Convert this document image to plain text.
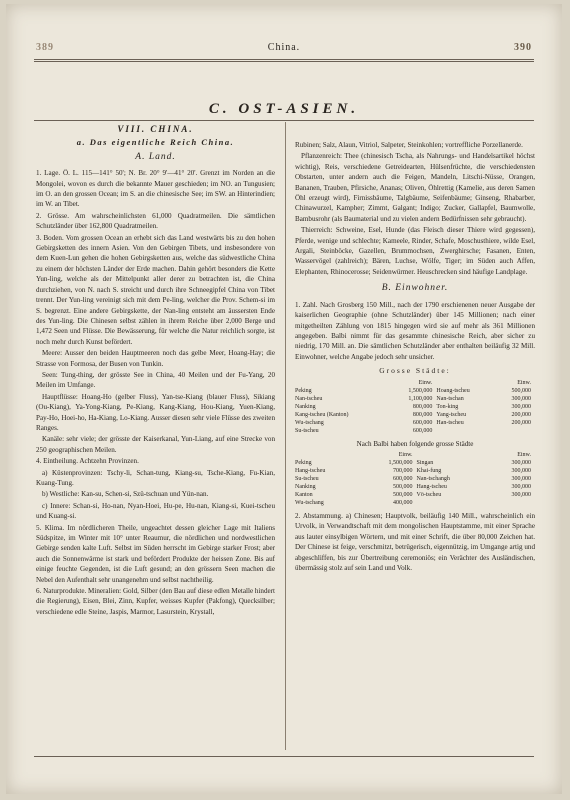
389	China.	390
C. OST-ASIEN.
VIII. CHINA.
a. Das eigentliche Reich China.
A. Land.

1. Lage. Ö. L. 115—141° 50'; N. Br. 20° 9'—41° 20'. Grenzt im Norden an die Mongolei, wovon es durch die bekannte Mauer geschieden; im NO. an Tungusien; im O. an den grossen Ocean; im S. an die chinesische See; im SW. an Hinterindien; im W. an Tibet.

2. Grösse. Am wahrscheinlichsten 61,000 Quadratmeilen. Die sämtlichen Schutzländer über 162,800 Quadratmeilen.

3. Boden. Vom grossen Ocean an erhebt sich das Land westwärts bis zu den hohen Gebirgsketten des innern Asien. Von den Gebirgen Tibets, und insbesondere von dem Kuen-Lun gehen die hohen Gebirgsketten aus, welche das südwestliche China zu einem der höchsten Länder der Erde machen. Dahin gehört besonders die Kette Yun-ling, welche als der Mittelpunkt aller derer zu betrachten ist, die China durchziehen, von N. nach S. streicht und durch ihre Schneegipfel China von Tibet trennt. Der Yun-ling vereinigt sich mit dem Pe-ling, welcher die Prov. Schem-si im S. begrenzt. Eine andere Gebirgskette, der Nan-ling entsteht am äussersten Ende des Yun-ling. Die Chinesen selbst zählen in ihrem Reiche über 2,000 Berge und 1,472 Seen und Flüsse. Die Bewässerung, für welche die Natur reichlich sorgte, ist noch mehr durch Kunst befördert.

Meere: Ausser den beiden Hauptmeeren noch das gelbe Meer, Hoang-Hay; die Strasse von Formosa, der Busen von Tunkin.

Seen: Tung-thing, der grösste See in China, 40 Meilen und der Fu-Yang, 20 Meilen im Umfange.

Hauptflüsse: Hoang-Ho (gelber Fluss), Yan-tse-Kiang (blauer Fluss), Sikiang (Ou-Kiang), Ya-Yong-Kiang, Pe-Kiang, Kang-Kiang, Hou-Kiang, Yuen-Kiang, Pay-Ho, Hoei-ho, Ha-Kiang, Lo-Kiang. Ausser diesen sehr viele Flüsse des zweiten Ranges.

Kanäle: sehr viele; der grösste der Kaiserkanal, Yun-Liang, auf eine Strecke von 250 geographischen Meilen.

4. Eintheilung. Achtzehn Provinzen.

a) Küstenprovinzen: Tschy-li, Schan-tung, Kiang-su, Tsche-Kiang, Fu-Kian, Kuang-Tung.

b) Westliche: Kan-su, Schen-si, Szü-tschuan und Yün-nan.

c) Innere: Schan-si, Ho-nan, Nyan-Hoei, Hu-pe, Hu-nan, Kiang-si, Kuei-tscheu und Kuang-si.

5. Klima. Im nördlicheren Theile, ungeachtet dessen gleicher Lage mit Italiens Südspitze, im Winter mit 10° unter Reaumur, die nördlichen und nordwestlichen Gebirge senden kalte Luft. Selbst im Süden herrscht im Gebirge starker Frost; aber auch die Sonnenwärme ist stark und befördert Produkte der heissen Zone. Bis auf einige feuchte Gegenden, ist die Luft gesund; an den grössern Seen machen die Nebel den Aufenthalt sehr unangenehm und selbst nachtheilig.

6. Naturprodukte. Mineralien: Gold, Silber (den Bau auf diese edlen Metalle hindert die Regierung), Eisen, Blei, Zinn, Kupfer, weisses Kupfer (Pakfong), Quecksilber; verschiedene edle Steine, Jaspis, Marmor, Lasurstein, Krystall,

Rubinen; Salz, Alaun, Vitriol, Salpeter, Steinkohlen; vortreffliche Porzellanerde.

Pflanzenreich: Thee (chinesisch Tscha, als Nahrungs- und Handelsartikel höchst wichtig), Reis, verschiedene Getreidearten, Hülsenfrüchte, die verschiedensten Obstarten, unter andern auch die Feigen, Mandeln, Litschi-Nüsse, Orangen, Bananen, Trauben, Pfirsiche, Ananas; Oliven, Öhlrettig (Kamelie, aus deren Samen Öhl erzeugt wird), Firnissbäume, Talgbäume, Seifenbäume; Ginseng, Rhabarber, Chinawurzel, Kampher; Zimmt, Galgant; Indigo; Zucker, Gallapfel, Baumwolle, Bambusrohr (als Baumaterial und zu vielen andern Bedürfnissen sehr gebraucht).

Thierreich: Schweine, Esel, Hunde (das Fleisch dieser Thiere wird gegessen), Pferde, wenige und schlechte; Kameele, Rinder, Schafe, Moschusthiere, wilde Esel, Argali, Steinböcke, Gazellen, Brummochsen, Zwerghirsche; Fasanen, Enten, Wasservögel (zahlreich); Bären, Luchse, Wölfe, Tiger; im Süden auch Affen, Elephanten, Rhinocerosse; Seidenwürmer. Heuschrecken sind häufige Landplage.

B. Einwohner.

1. Zahl. Nach Grosberg 150 Mill., nach der 1790 erschienenen neuer Ausgabe der kaiserlichen Geographie (ohne Schutzländer) über 145 Millionen; nach einer mitgetheilten Zählung von 1815 hingegen wird sie auf mehr als 361 Millionen angegeben. Balbi nimmt für das gesammte chinesische Reich, aber sicher zu niedrig, 170 Mill. an. Die sämtlichen Schutzländer aber enthalten beiläufig 32 Mill. Einwohner, welche Angabe jedoch sehr unsicher.

Grosse Städte:
	Einw.		Einw.
Peking	1,500,000	Hoang-tscheu	500,000
Nan-tscheu	1,100,000	Nan-tschan	300,000
Nanking	800,000	Ton-king	300,000
Kang-tscheu (Kanton)	800,000	Yang-tscheu	200,000
Wu-tschang	600,000	Han-tscheu	200,000
Su-tscheu	600,000		

Nach Balbi haben folgende grosse Städte

	Einw.		Einw.
Peking	1,500,000	Singan	300,000
Hang-tscheu	700,000	Khai-fung	300,000
Su-tscheu	600,000	Nan-tschangh	300,000
Nanking	500,000	Hang-tscheu	300,000
Kanton	500,000	Vö-tscheu	300,000
Wu-tschang	400,000		

2. Abstammung. a) Chinesen; Hauptvolk, beiläufig 140 Mill., wahrscheinlich ein Urvolk, in Verwandtschaft mit dem mongolischen Hauptstamme, mit einer Sprache aus lauter einsylbigen Wörtern, und mit einer Schrift, die über 80,000 Zeichen hat. Der Chinese ist feige, verschmitzt, betrügerisch, eigennützig, im Umgange artig und abgeschliffen, bis zur Übertreibung ceremoniös; ein Verächter des Ausländischen, übermässig stolz auf sein Land und Volk.
